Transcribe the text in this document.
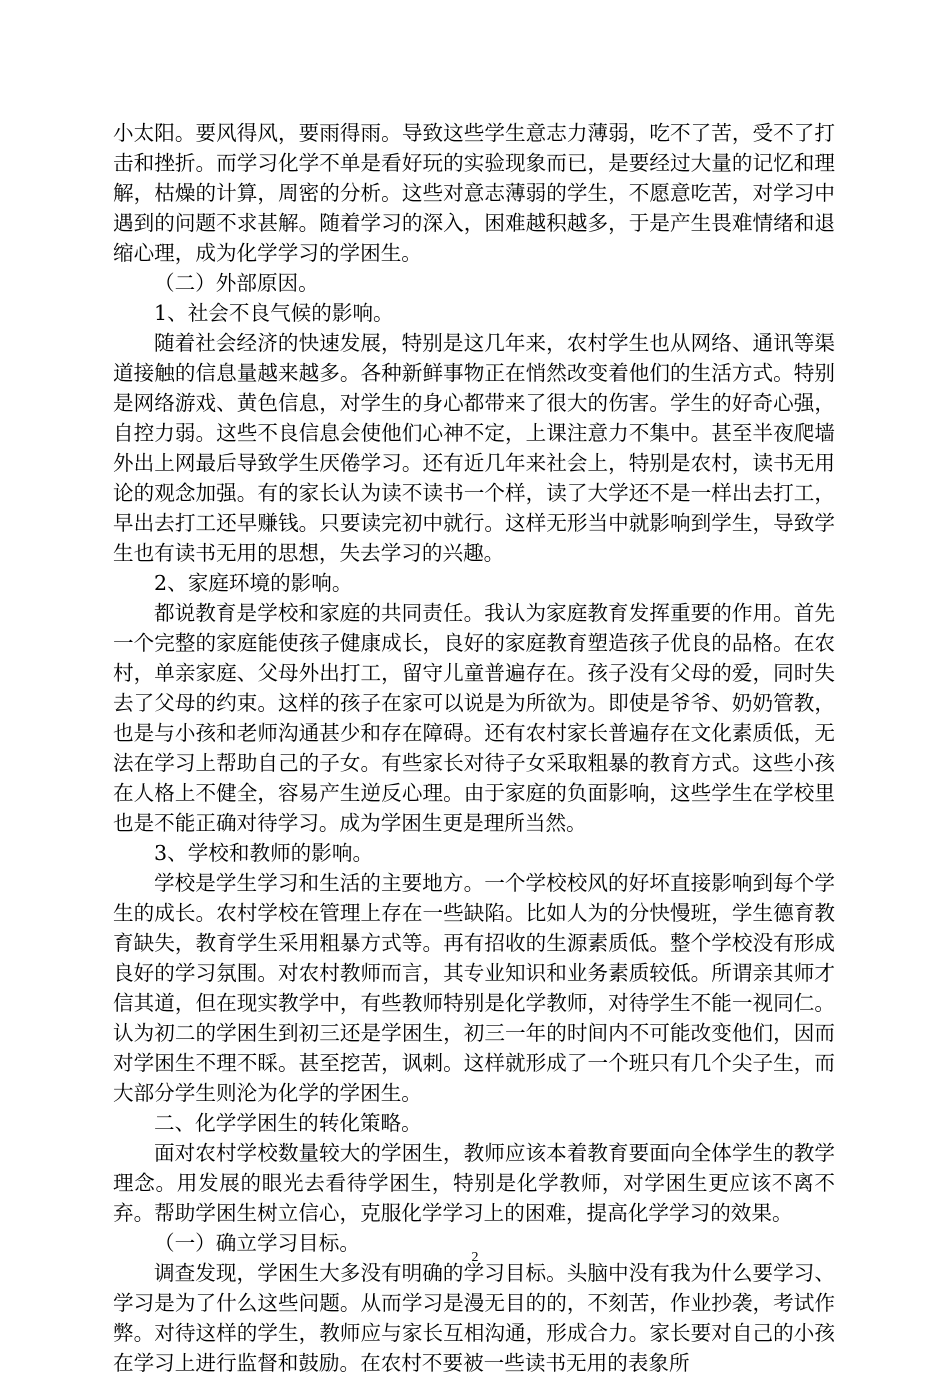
小太阳。要风得风，要雨得雨。导致这些学生意志力薄弱，吃不了苦，受不了打击和挫折。而学习化学不单是看好玩的实验现象而已，是要经过大量的记忆和理解，枯燥的计算，周密的分析。这些对意志薄弱的学生，不愿意吃苦，对学习中遇到的问题不求甚解。随着学习的深入，困难越积越多，于是产生畏难情绪和退缩心理，成为化学学习的学困生。

（二）外部原因。

1、社会不良气候的影响。

随着社会经济的快速发展，特别是这几年来，农村学生也从网络、通讯等渠道接触的信息量越来越多。各种新鲜事物正在悄然改变着他们的生活方式。特别是网络游戏、黄色信息，对学生的身心都带来了很大的伤害。学生的好奇心强，自控力弱。这些不良信息会使他们心神不定，上课注意力不集中。甚至半夜爬墙外出上网最后导致学生厌倦学习。还有近几年来社会上，特别是农村，读书无用论的观念加强。有的家长认为读不读书一个样，读了大学还不是一样出去打工，早出去打工还早赚钱。只要读完初中就行。这样无形当中就影响到学生，导致学生也有读书无用的思想，失去学习的兴趣。

2、家庭环境的影响。

都说教育是学校和家庭的共同责任。我认为家庭教育发挥重要的作用。首先一个完整的家庭能使孩子健康成长，良好的家庭教育塑造孩子优良的品格。在农村，单亲家庭、父母外出打工，留守儿童普遍存在。孩子没有父母的爱，同时失去了父母的约束。这样的孩子在家可以说是为所欲为。即使是爷爷、奶奶管教，也是与小孩和老师沟通甚少和存在障碍。还有农村家长普遍存在文化素质低，无法在学习上帮助自己的子女。有些家长对待子女采取粗暴的教育方式。这些小孩在人格上不健全，容易产生逆反心理。由于家庭的负面影响，这些学生在学校里也是不能正确对待学习。成为学困生更是理所当然。

3、学校和教师的影响。

学校是学生学习和生活的主要地方。一个学校校风的好坏直接影响到每个学生的成长。农村学校在管理上存在一些缺陷。比如人为的分快慢班，学生德育教育缺失，教育学生采用粗暴方式等。再有招收的生源素质低。整个学校没有形成良好的学习氛围。对农村教师而言，其专业知识和业务素质较低。所谓亲其师才信其道，但在现实教学中，有些教师特别是化学教师，对待学生不能一视同仁。认为初二的学困生到初三还是学困生，初三一年的时间内不可能改变他们，因而对学困生不理不睬。甚至挖苦，讽刺。这样就形成了一个班只有几个尖子生，而大部分学生则沦为化学的学困生。

二、化学学困生的转化策略。

面对农村学校数量较大的学困生，教师应该本着教育要面向全体学生的教学理念。用发展的眼光去看待学困生，特别是化学教师，对学困生更应该不离不弃。帮助学困生树立信心，克服化学学习上的困难，提高化学学习的效果。

（一）确立学习目标。

调查发现，学困生大多没有明确的学习目标。头脑中没有我为什么要学习、学习是为了什么这些问题。从而学习是漫无目的的，不刻苦，作业抄袭，考试作弊。对待这样的学生，教师应与家长互相沟通，形成合力。家长要对自己的小孩在学习上进行监督和鼓励。在农村不要被一些读书无用的表象所

2
